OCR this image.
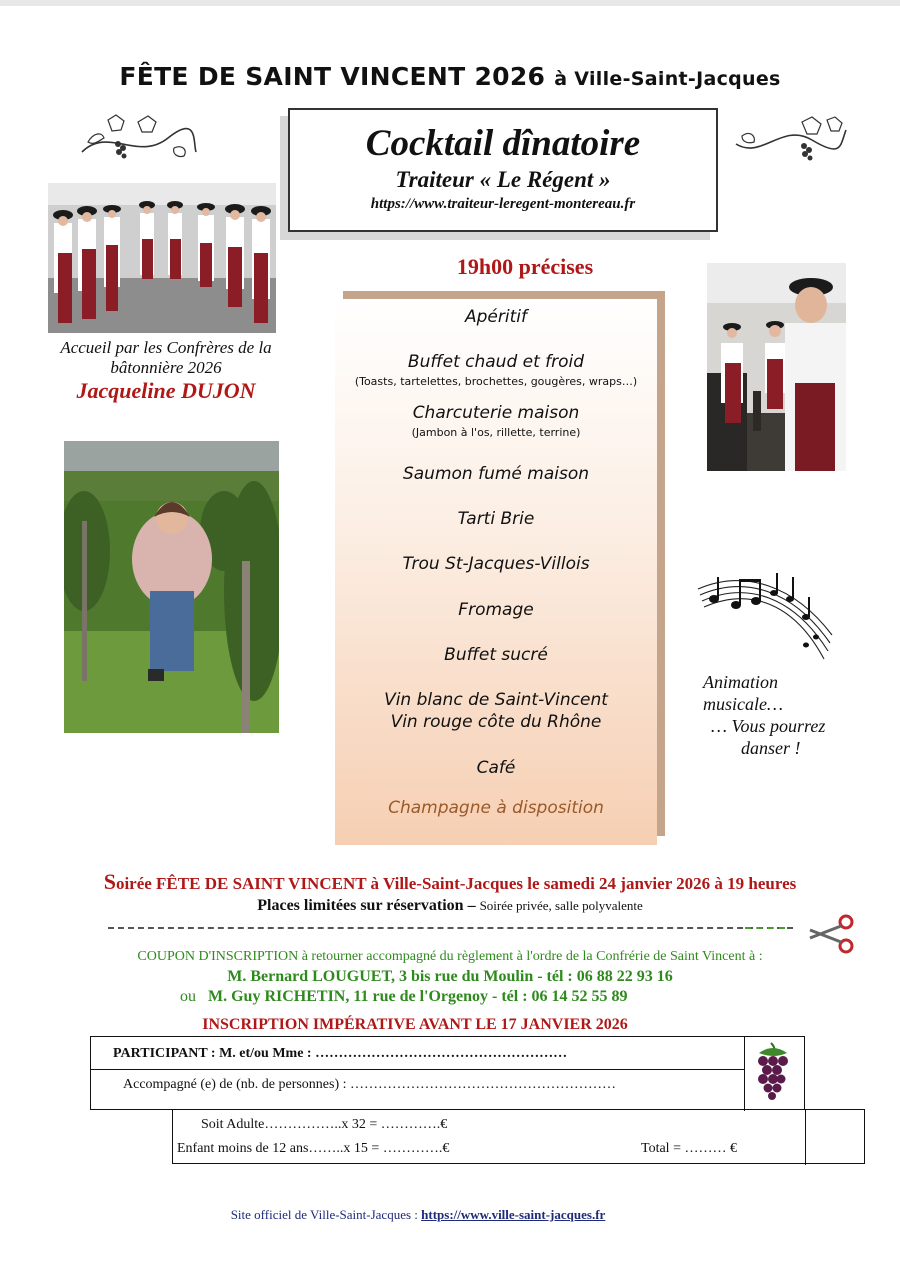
FÊTE DE SAINT VINCENT 2026 à Ville-Saint-Jacques
Cocktail dînatoire
Traiteur « Le Régent »
https://www.traiteur-leregent-montereau.fr
19h00 précises
Accueil par les Confrères de la bâtonnière 2026
Jacqueline DUJON
Apéritif
Buffet chaud et froid
(Toasts, tartelettes, brochettes, gougères, wraps…)
Charcuterie maison
(Jambon à l'os, rillette, terrine)
Saumon fumé maison
Tarti Brie
Trou St-Jacques-Villois
Fromage
Buffet sucré
Vin blanc de Saint-Vincent
Vin rouge côte du Rhône
Café
Champagne à disposition
Animation
musicale…
… Vous pourrez
danser !
Soirée FÊTE DE SAINT VINCENT à Ville-Saint-Jacques le samedi 24 janvier 2026 à 19 heures
Places limitées sur réservation – Soirée privée, salle polyvalente
COUPON D'INSCRIPTION à retourner accompagné du règlement à l'ordre de la Confrérie de Saint Vincent à :
M. Bernard LOUGUET, 3 bis rue du Moulin - tél : 06 88 22 93 16
ou M. Guy RICHETIN, 11 rue de l'Orgenoy - tél : 06 14 52 55 89
INSCRIPTION IMPÉRATIVE AVANT LE 17 JANVIER 2026
PARTICIPANT : M. et/ou Mme : ………………………………………………
Accompagné (e) de (nb. de personnes) : …………………………………………………
Soit Adulte……………..x 32 = ………….€
Enfant moins de 12 ans……..x 15 = ………….€	Total = ……… €
Site officiel de Ville-Saint-Jacques : https://www.ville-saint-jacques.fr
